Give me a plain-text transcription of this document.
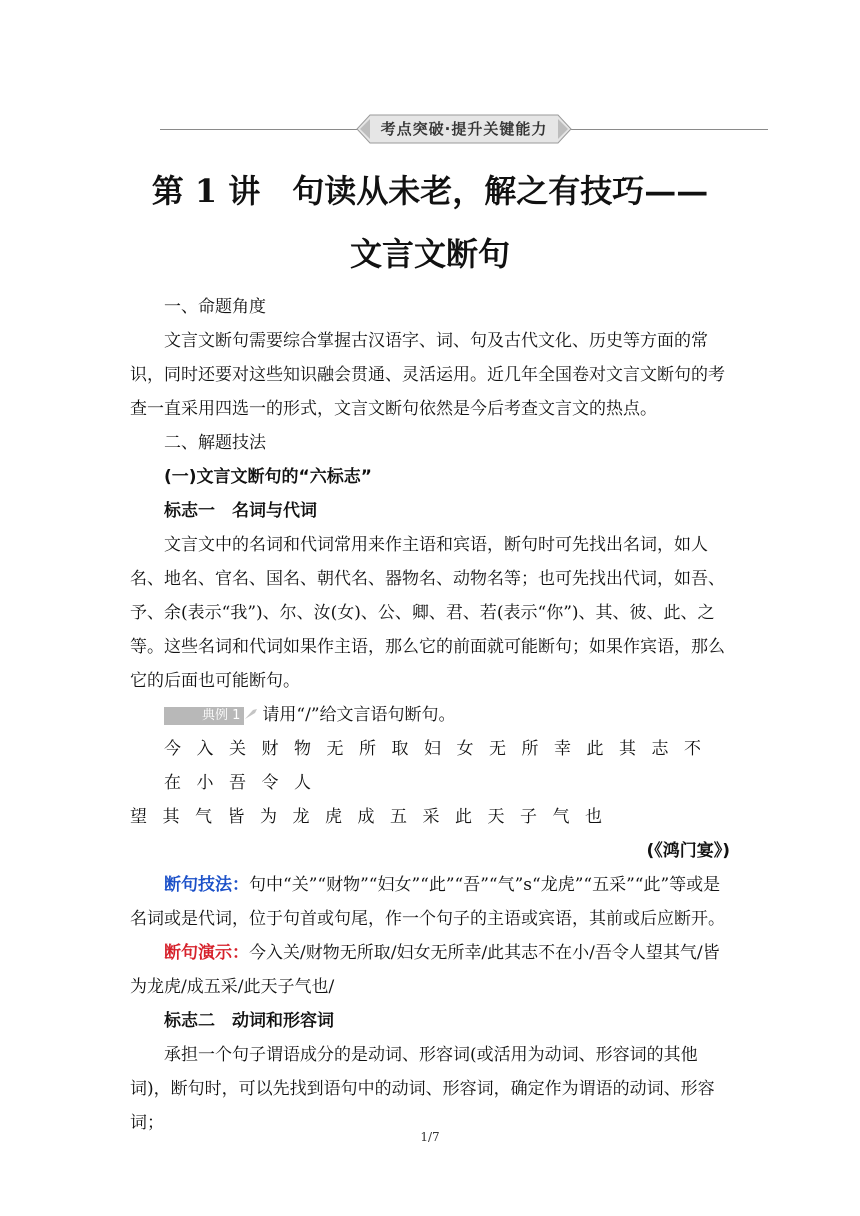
考点突破·提升关键能力
第 1 讲　句读从未老，解之有技巧——
文言文断句

一、命题角度

文言文断句需要综合掌握古汉语字、词、句及古代文化、历史等方面的常识，同时还要对这些知识融会贯通、灵活运用。近几年全国卷对文言文断句的考查一直采用四选一的形式，文言文断句依然是今后考查文言文的热点。

二、解题技法

(一)文言文断句的“六标志”

标志一　名词与代词

文言文中的名词和代词常用来作主语和宾语，断句时可先找出名词，如人名、地名、官名、国名、朝代名、器物名、动物名等；也可先找出代词，如吾、予、余(表示“我”)、尔、汝(女)、公、卿、君、若(表示“你”)、其、彼、此、之等。这些名词和代词如果作主语，那么它的前面就可能断句；如果作宾语，那么它的后面也可能断句。

典例 1 请用“/”给文言语句断句。

今入关财物无所取妇女无所幸此其志不在小吾令人

望其气皆为龙虎成五采此天子气也

(《鸿门宴》)

断句技法：句中“关”“财物”“妇女”“此”“吾”“气”s“龙虎”“五采”“此”等或是名词或是代词，位于句首或句尾，作一个句子的主语或宾语，其前或后应断开。

断句演示：今入关/财物无所取/妇女无所幸/此其志不在小/吾令人望其气/皆为龙虎/成五采/此天子气也/

标志二　动词和形容词

承担一个句子谓语成分的是动词、形容词(或活用为动词、形容词的其他词)，断句时，可以先找到语句中的动词、形容词，确定作为谓语的动词、形容词；

1/7
